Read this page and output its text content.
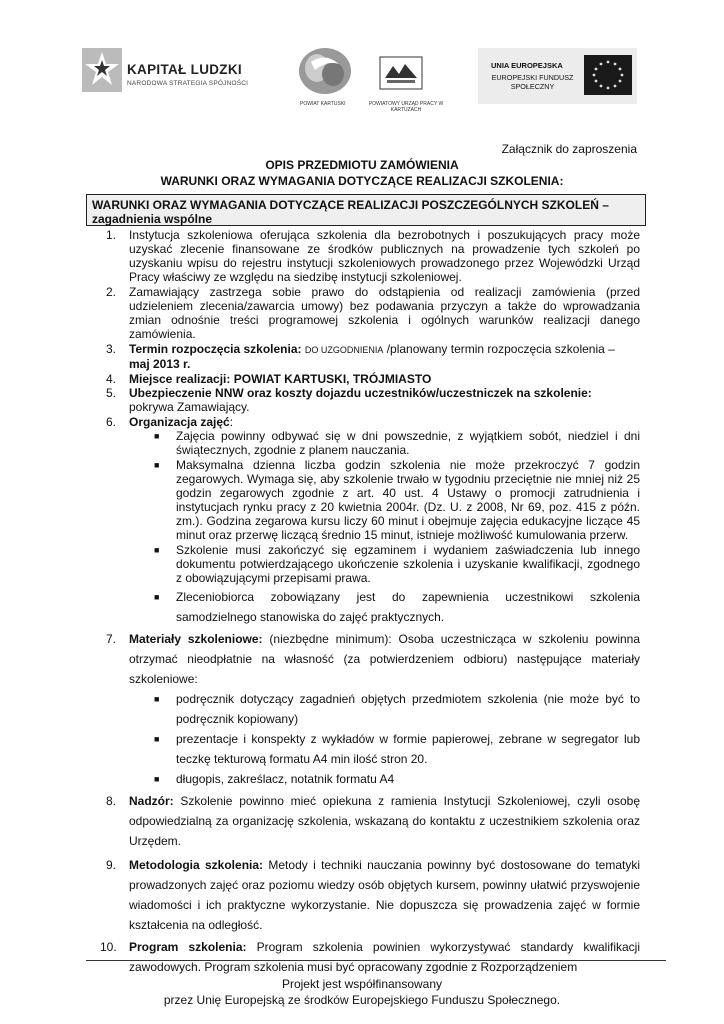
KAPITAŁ LUDZKI
NARODOWA STRATEGIA SPÓJNOŚCI
POWIAT KARTUSKI	POWIATOWY URZĄD PRACY W KARTUZACH
UNIA EUROPEJSKA
EUROPEJSKI FUNDUSZ SPOŁECZNY
Załącznik do zaproszenia
OPIS PRZEDMIOTU ZAMÓWIENIA
WARUNKI ORAZ WYMAGANIA DOTYCZĄCE REALIZACJI SZKOLENIA:
WARUNKI ORAZ WYMAGANIA DOTYCZĄCE REALIZACJI POSZCZEGÓLNYCH SZKOLEŃ – zagadnienia wspólne
1. Instytucja szkoleniowa oferująca szkolenia dla bezrobotnych i poszukujących pracy może uzyskać zlecenie finansowane ze środków publicznych na prowadzenie tych szkoleń po uzyskaniu wpisu do rejestru instytucji szkoleniowych prowadzonego przez Wojewódzki Urząd Pracy właściwy ze względu na siedzibę instytucji szkoleniowej.
2. Zamawiający zastrzega sobie prawo do odstąpienia od realizacji zamówienia (przed udzieleniem zlecenia/zawarcia umowy) bez podawania przyczyn a także do wprowadzania zmian odnośnie treści programowej szkolenia i ogólnych warunków realizacji danego zamówienia.
3. Termin rozpoczęcia szkolenia: DO UZGODNIENIA /planowany termin rozpoczęcia szkolenia –
maj 2013 r.
4. Miejsce realizacji: POWIAT KARTUSKI, TRÓJMIASTO
5. Ubezpieczenie NNW oraz koszty dojazdu uczestników/uczestniczek na szkolenie:
pokrywa Zamawiający.
6. Organizacja zajęć:
■ Zajęcia powinny odbywać się w dni powszednie, z wyjątkiem sobót, niedziel i dni świątecznych, zgodnie z planem nauczania.
■ Maksymalna dzienna liczba godzin szkolenia nie może przekroczyć 7 godzin zegarowych. Wymaga się, aby szkolenie trwało w tygodniu przeciętnie nie mniej niż 25 godzin zegarowych zgodnie z art. 40 ust. 4 Ustawy o promocji zatrudnienia i instytucjach rynku pracy z 20 kwietnia 2004r. (Dz. U. z 2008, Nr 69, poz. 415 z późn. zm.). Godzina zegarowa kursu liczy 60 minut i obejmuje zajęcia edukacyjne liczące 45 minut oraz przerwę liczącą średnio 15 minut, istnieje możliwość kumulowania przerw.
■ Szkolenie musi zakończyć się egzaminem i wydaniem zaświadczenia lub innego dokumentu potwierdzającego ukończenie szkolenia i uzyskanie kwalifikacji, zgodnego z obowiązującymi przepisami prawa.
■ Zleceniobiorca zobowiązany jest do zapewnienia uczestnikowi szkolenia samodzielnego stanowiska do zajęć praktycznych.
7. Materiały szkoleniowe: (niezbędne minimum): Osoba uczestnicząca w szkoleniu powinna otrzymać nieodpłatnie na własność (za potwierdzeniem odbioru) następujące materiały szkoleniowe:
■ podręcznik dotyczący zagadnień objętych przedmiotem szkolenia (nie może być to podręcznik kopiowany)
■ prezentacje i konspekty z wykładów w formie papierowej, zebrane w segregator lub teczkę tekturową formatu A4 min ilość stron 20.
■ długopis, zakreślacz, notatnik formatu A4
8. Nadzór: Szkolenie powinno mieć opiekuna z ramienia Instytucji Szkoleniowej, czyli osobę odpowiedzialną za organizację szkolenia, wskazaną do kontaktu z uczestnikiem szkolenia oraz Urzędem.
9. Metodologia szkolenia: Metody i techniki nauczania powinny być dostosowane do tematyki prowadzonych zajęć oraz poziomu wiedzy osób objętych kursem, powinny ułatwić przyswojenie wiadomości i ich praktyczne wykorzystanie. Nie dopuszcza się prowadzenia zajęć w formie kształcenia na odległość.
10. Program szkolenia: Program szkolenia powinien wykorzystywać standardy kwalifikacji zawodowych. Program szkolenia musi być opracowany zgodnie z Rozporządzeniem
Projekt jest współfinansowany
przez Unię Europejską ze środków Europejskiego Funduszu Społecznego.
